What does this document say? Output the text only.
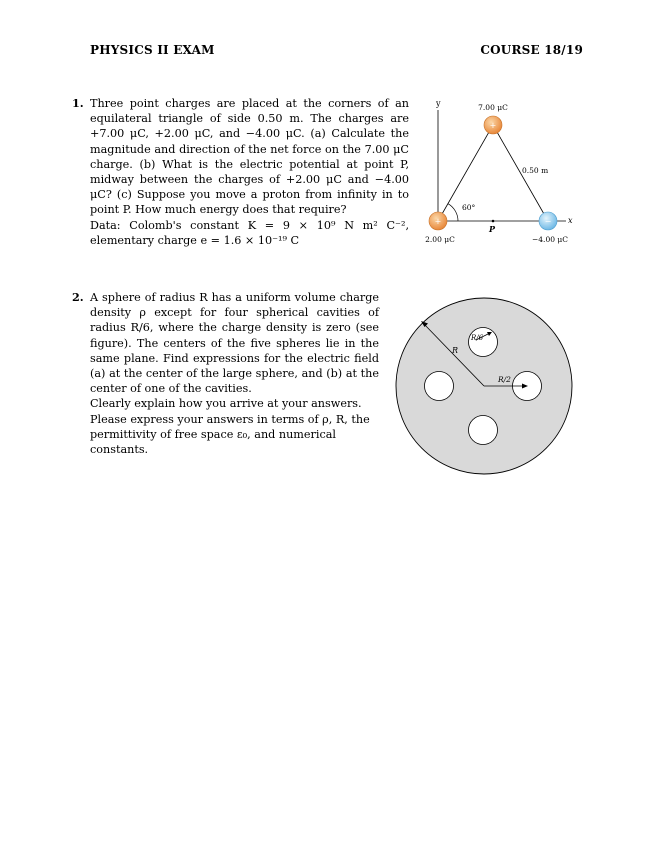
PHYSICS II EXAM	COURSE 18/19
1. Three point charges are placed at the corners of an equilateral triangle of side 0.50 m. The charges are +7.00 μC, +2.00 μC, and −4.00 μC. (a) Calculate the magnitude and direction of the net force on the 7.00 μC charge. (b) What is the electric potential at point P, midway between the charges of +2.00 μC and −4.00 μC? (c) Suppose you move a proton from infinity in to point P. How much energy does that require?

Data: Colomb's constant K = 9 × 10⁹ N m² C⁻², elementary charge e = 1.6 × 10⁻¹⁹ C

y
x
60°
P
0.50 m
+
7.00 μC
+
2.00 μC
−
−4.00 μC
2. A sphere of radius R has a uniform volume charge density ρ except for four spherical cavities of radius R/6, where the charge density is zero (see figure). The centers of the five spheres lie in the same plane. Find expressions for the electric field (a) at the center of the large sphere, and (b) at the center of one of the cavities.

Clearly explain how you arrive at your answers. Please express your answers in terms of ρ, R, the permittivity of free space ε₀, and numerical constants.

R
R/6
R/2
